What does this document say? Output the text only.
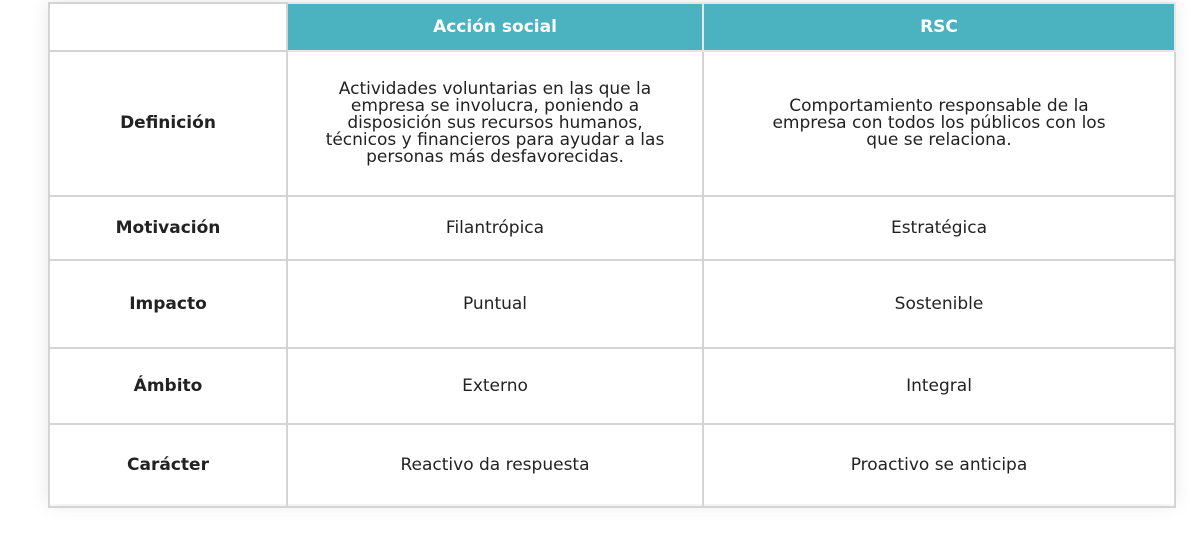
	Acción social	RSC
Definición	Actividades voluntarias en las que la empresa se involucra, poniendo a disposición sus recursos humanos, técnicos y financieros para ayudar a las personas más desfavorecidas.	Comportamiento responsable de la empresa con todos los públicos con los que se relaciona.
Motivación	Filantrópica	Estratégica
Impacto	Puntual	Sostenible
Ámbito	Externo	Integral
Carácter	Reactivo da respuesta	Proactivo se anticipa
